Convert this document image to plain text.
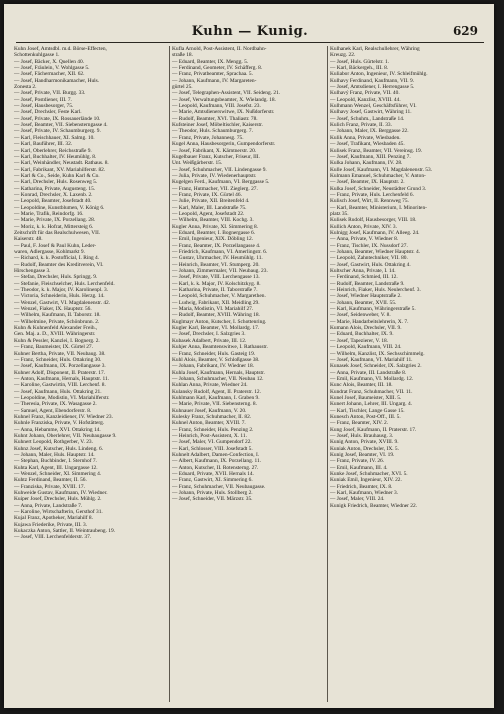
Kuhn — Kunig.	629
Kuhn Josef, Amtsdbl. m.d. Börse-Effecten,
Schottenkuhlgasse 1.
— Josef, Bäcker, X. Quellen 40.
— Josef, Fräulein, V. Wohlgasse 5.
— Josef, Fächermacher, XII. 62.
— Josef, Handharmonikamacher, Huls.
Zonesta 2.
— Josef, Private, VII. Burgg. 33.
— Josef, Postdiener, III. 7.
— Josef, Hausbesorger, 75.
— Josef, Drechsler, Feste Karl.
— Josef, Private, IX. Rossauerlände 10.
— Josef, Beamter, VII. Siebensterngasse 4.
— Josef, Private, IV. Schaumburgerg. 9.
— Karl, Fleischhauer, XI. Salmg. 10.
— Karl, Bauführer, III. 32.
— Karl, Oberlehrer, Reichsstraße 9.
— Karl, Buchhalter, IV. Heumühlg. 8.
— Karl, Weinhändler, Neustadt. Rathaus. 8.
— Karl, Fabrikant, XV. Mariahilferstr. 82.
— Karl & Co., Seide, Kuhn Karl & Co.
— Karl, Drechsler, Huls. Rosenweg 5.
— Katharina, Private, Augusteng. 15.
— Konrad, Drechsler, X. Laxenb. 2.
— Leopold, Beamter, Josefstadt 40.
— Leopoldine, Kunstblumen, V. König 6.
— Marie, Trafik, Reindorfg. 16.
— Marie, Private, IX. Porzellang. 28.
— Moriz, k. k. Hofrat, Mittersteig 6.
Zeitschrift für das Realschulwesen, VII.
Kaiserstr. 48.
— Paul, F. Josef & Paul Kuhn, Leder-
waren, Adlergasse, Kohlmarkt 9.
— Richard, k. k. Postofficial, I. Ring 4.
— Rudolf, Beamter des Kreditverein, VI.
Hirschengasse 3.
— Stefan, Drechsler, Huls. Springg. 9.
— Stefanie, Fleischselcher, Huls. Lerchenfeld.
— Theodor, k. k. Major, IV. Karolinenpl. 3.
— Victoria, Schneiderin, Huls. Herzg. 14.
— Wenzel, Gastwirt, VI. Magdalenenstr. 42.
— Wenzel, Fiaker, IX. Hauptstr. 56.
— Wilhelm, Kaufmann, II. Taborstr. 18.
— Wilhelmine, Private, Schönbrunn. 2.
Kuhn & Kuhnenfeld Alexander Freih.,
Gen. Maj. a. D., XVIII. Währingerstr.
Kuhn & Pessler, Kanzlei, I. Bognerg. 2.
— Franz, Baumeister, IX. Gürtel 27.
Kuhner Bertha, Private, VII. Neubaug. 38.
— Franz, Schneider, Huls. Ottakring 30.
— Josef, Kaufmann, IX. Porzellangasse 3.
Kuhner Adolf, Disponent, II. Praterstr. 17.
— Anton, Kaufmann, Hernals, Hauptstr. 11.
— Karoline, Gastwirtin, VIII. Lerchenf. 8.
— Josef, Kaufmann, Huls. Ottakring 21.
— Leopoldine, Modistin, VI. Mariahilferstr.
— Theresia, Private, IX. Wasagasse 2.
— Samuel, Agent, Ebendorferstr. 8.
Kuhnel Franz, Kanzleidiener, IV. Wiedner 23.
Kuhnle Franziska, Private, V. Hofstätterg.
— Anna, Hebamme, XVI. Ottakring 14.
Kuhnt Johann, Oberlehrer, VII. Neubaugasse 9.
Kuhnert Leopold, Rothgerber, V. 23.
Kuhnz Josef, Kutscher, Huls. Lindeng. 6.
— Johann, Maler, Huls. Hauptstr. 14.
— Stephan, Buchbinder, I. Sternhof 7.
Kuhta Karl, Agent, III. Ungargasse 12.
— Wenzel, Schneider, XI. Simmering 4.
Kuhtz Ferdinand, Beamter, II. 56.
— Franziska, Private, XVIII. 17.
Kuhweide Gustav, Kaufmann, IV. Wiedner.
Kuiper Josef, Drechsler, Huls. Mühlg. 2.
— Anna, Private, Landstraße 7.
— Karoline, Wirtschafterin, Gersthof 31.
Kujal Franz, Apotheker, Mariahilf 8.
Kujawa Friederike, Private, III. 3.
Kukaczka Anton, Sattler, II. Weintraubeng. 19.
— Josef, VIII. Lerchenfelderstr. 37.
Kufla Arnold, Post-Assistent, II. Nordbahn-
straße 18.
— Eduard, Beamter, IX. Mengg. 5.
— Ferdinand, Geometer, IV. Schäfferg. 8.
— Franz, Privatbeamter, Sprachaa. 5.
— Johann, Kaufmann, IV. Margareten-
gürtel 25.
— Josef, Telegraphen-Assistent, VII. Seideng. 21.
— Josef, Verwaltungsbeamter, X. Wielandg. 18.
— Leopold, Kaufmann, VIII. Josefst. 23.
— Marie, Amtsdienerswitwe, IX. Nußdorferstr.
— Rudolf, Beamter, XVI. Thaliastr. 78.
Kufsteiner Josef, Möbeltischler, Kaiserstr.
— Theodor, Huls. Schaumburgerg. 7.
— Franz, Private, Johannesg. 75.
Kugel Anna, Hausbesorgerin, Gumpendorferstr.
— Josef, Fabrikant, X. Kärntnerstr. 20.
Kugelbauer Franz, Kutscher, Friseur, III.
Unt. Weißgärberstr. 15.
— Josef, Schuhmacher, VII. Lindengasse 9.
— Julia, Private, IV. Wiedenerhauptstr.
Kugelgen Ferd., Kaufmann, VI. Berggasse 5.
— Franz, Hutmacher, VII. Zieglerg. 27.
— Franz, Private, IX. Gürtel 46.
— Julie, Private, XII. Breitenfeld 4.
— Karl, Maler, III. Landstraße 75.
— Leopold, Agent, Josefstadt 22.
— Wilhelm, Beamter, VIII. Kochg. 3.
Kugler Anna, Private, XI. Simmering 8.
— Eduard, Beamter, I. Bognergasse 6.
— Emil, Ingenieur, XIX. Döbling 12.
— Franz, Beamter, IX. Porzellangasse 4.
— Friedrich, Kaufmann, VI. Amerlingstr. 6.
— Gustav, Uhrmacher, IV. Heumühlg. 11.
— Heinrich, Beamter, VI. Stumperg. 20.
— Johann, Zimmermaler, VII. Neubaug. 23.
— Josef, Private, VIII. Lerchengasse 13.
— Karl, k. k. Major, IV. Kolschitzkyg. 8.
— Katharina, Private, II. Taborstraße 7.
— Leopold, Schuhmacher, V. Margarethen.
— Ludwig, Fabrikant, XII. Meidling 29.
— Maria, Modistin, VI. Mariahilf 27.
— Rudolf, Beamter, XVIII. Währing 18.
Kuglmayr Anton, Kutscher, I. Schottenring.
Kugler Karl, Beamter, VI. Mollardg. 17.
— Josef, Drechsler, I. Salzgries 3.
Kubasek Adalbert, Private, III. 12.
Kuhjer Anna, Beamtenswitwe, I. Rathausstr.
— Franz, Schneider, Huls. Gasteig 19.
Kuhl Alois, Beamter, V. Schloßgasse 38.
— Johann, Fabrikant, IV. Wiedner 18.
Kuhla Josef, Kaufmann, Hernals, Hauptstr.
— Johann, Schuhmacher, VII. Neubau 12.
Kuhlan Anna, Private, Wiedner 24.
Kulansky Rudolf, Agent, II. Praterstr. 12.
Kuhlmann Karl, Kaufmann, I. Graben 9.
— Marie, Private, VII. Siebensterng. 8.
Kuhnauer Josef, Kaufmann, V. 20.
Kulesky Franz, Schuhmacher, II. 82.
Kuhnel Anton, Beamter, XVIII. 7.
— Franz, Schneider, Huls. Penzing 2.
— Heinrich, Post-Assistent, X. 11.
— Josef, Maler, VI. Gumpendorf 22.
— Karl, Schlosser, VIII. Josefstadt 5.
Kuhnelt Adalbert, Damen-Confection, I.
— Albert, Kaufmann, IX. Porzellang. 11.
— Anton, Kutscher, II. Rotensterng. 27.
— Eduard, Private, XVII. Hernals 14.
— Franz, Gastwirt, XI. Simmering 6.
— Franz, Schuhmacher, VII. Neubaugasse.
— Johann, Private, Huls. Stollberg 2.
— Josef, Schneider, VII. Märzstr. 35.
Kulhanek Karl, Realschullehrer, Währing
Kreuzg. 22.
— Josef, Huls. Gürtelstr. 1.
— Karl, Bäckergeh., III. 8.
Kuliabor Anton, Ingenieur, IV. Schleifmühlg.
Kulhavy Ferdinand, Kaufmann, VII. 9.
— Josef, Amtsdiener, I. Herrengasse 5.
Kulhavý Franz, Private, VII. 40.
— Leopold, Kanzlist, XVIII. 44.
Kulhmann Wenzel, Geschäftsführer, VI.
Kulhavy Josef, Gastwirt, Währing 11.
— Josef, Schuhm., Landstraße 14.
Kulich Franz, Private, II. 33.
— Johann, Maler, IX. Berggasse 22.
Kulik Anna, Private, Wiesbaden.
— Josef, Trafikant, Wiesbaden 45.
Kulisek Franz, Beamter, VII. Vereinsg. 19.
— Josef, Kaufmann, XIII. Penzing 7.
Kulka Johann, Kaufmann, IV. 28.
Kulle Josef, Kaufmann, VI. Magdalenenstr. 53.
Kulmann Emanuel, Schuhmacher, V. Anton-
— Josef, Beamter, IX. Hauptstr. 2.
Kulka Josef, Schneider, Neustädter Grund 3.
— Franz, Private, Huls. Lerchenfeld 6.
Kulisch Josef, Wirt, II. Rennweg 75.
— Karl, Beamter, Ministerium, I. Minoriten-
platz 35.
Kulisek Rudolf, Hausbesorger, VIII. 18.
Kullich Anton, Private, XIV. 3.
Kulnigg Josef, Kaufmann, IV. Alleeg. 24.
— Anna, Private, V. Wiedner 8.
— Franz, Tischler, IX. Nussdorf 27.
— Johann, Beamter, Wiedner Hauptstr. 4.
— Leopold, Zahntechniker, VII. 80.
— Josef, Gastwirt, Huls. Ottakring 4.
Kultscher Anna, Private, I. 14.
— Ferdinand, Schmied, III. 12.
— Rudolf, Beamter, Landstraße 9.
— Heinrich, Fiaker, Huls. Neulerchenf. 3.
— Josef, Wiedner Hauptstraße 2.
— Johann, Beamter, XVII. 55.
— Karl, Kaufmann, Währingerstraße 5.
— Josef, Seidenweber, V. 8.
— Marie, Handarbeitslehrerin, X. 7.
Kumann Alois, Drechsler, VII. 9.
— Eduard, Buchhalter, IX. 9.
— Josef, Tapezierer, V. 18.
— Leopold, Kaufmann, VIII. 24.
— Wilhelm, Kanzlist, IX. Sechsschimmelg.
— Josef, Kaufmann, VI. Mariahilf 11.
Kunasek Josef, Schneider, IX. Salzgries 2.
— Anna, Private, III. Landstraße 8.
— Emil, Kaufmann, VI. Mollardg. 12.
Kunc Alois, Beamter, III. 18.
Kundrat Franz, Schuhmacher, VII. 11.
Kunel Josef, Baumeister, XIII. 5.
Kunert Johann, Lehrer, III. Ungarg. 4.
— Karl, Tischler, Lange Gasse 15.
Kunesch Anton, Post-Off., III. 5.
— Franz, Beamter, XIV. 2.
Kung Josef, Kaufmann, II. Praterstr. 17.
— Josef, Huls. Brauhausg. 3.
Kunig Anton, Private, XVIII. 9.
Kuniak Anton, Drechsler, IX. 5.
Kunig Josef, Beamter, VI. 19.
— Franz, Private, IV. 26.
— Emil, Kaufmann, III. 4.
Kunke Josef, Schuhmacher, XVI. 5.
Kuniak Emil, Ingenieur, XIV. 22.
— Friedrich, Beamter, IX. 8.
— Karl, Kaufmann, Wiedner 3.
— Josef, Maler, VIII. 24.
Kunigk Friedrich, Beamter, Wiedner 22.
